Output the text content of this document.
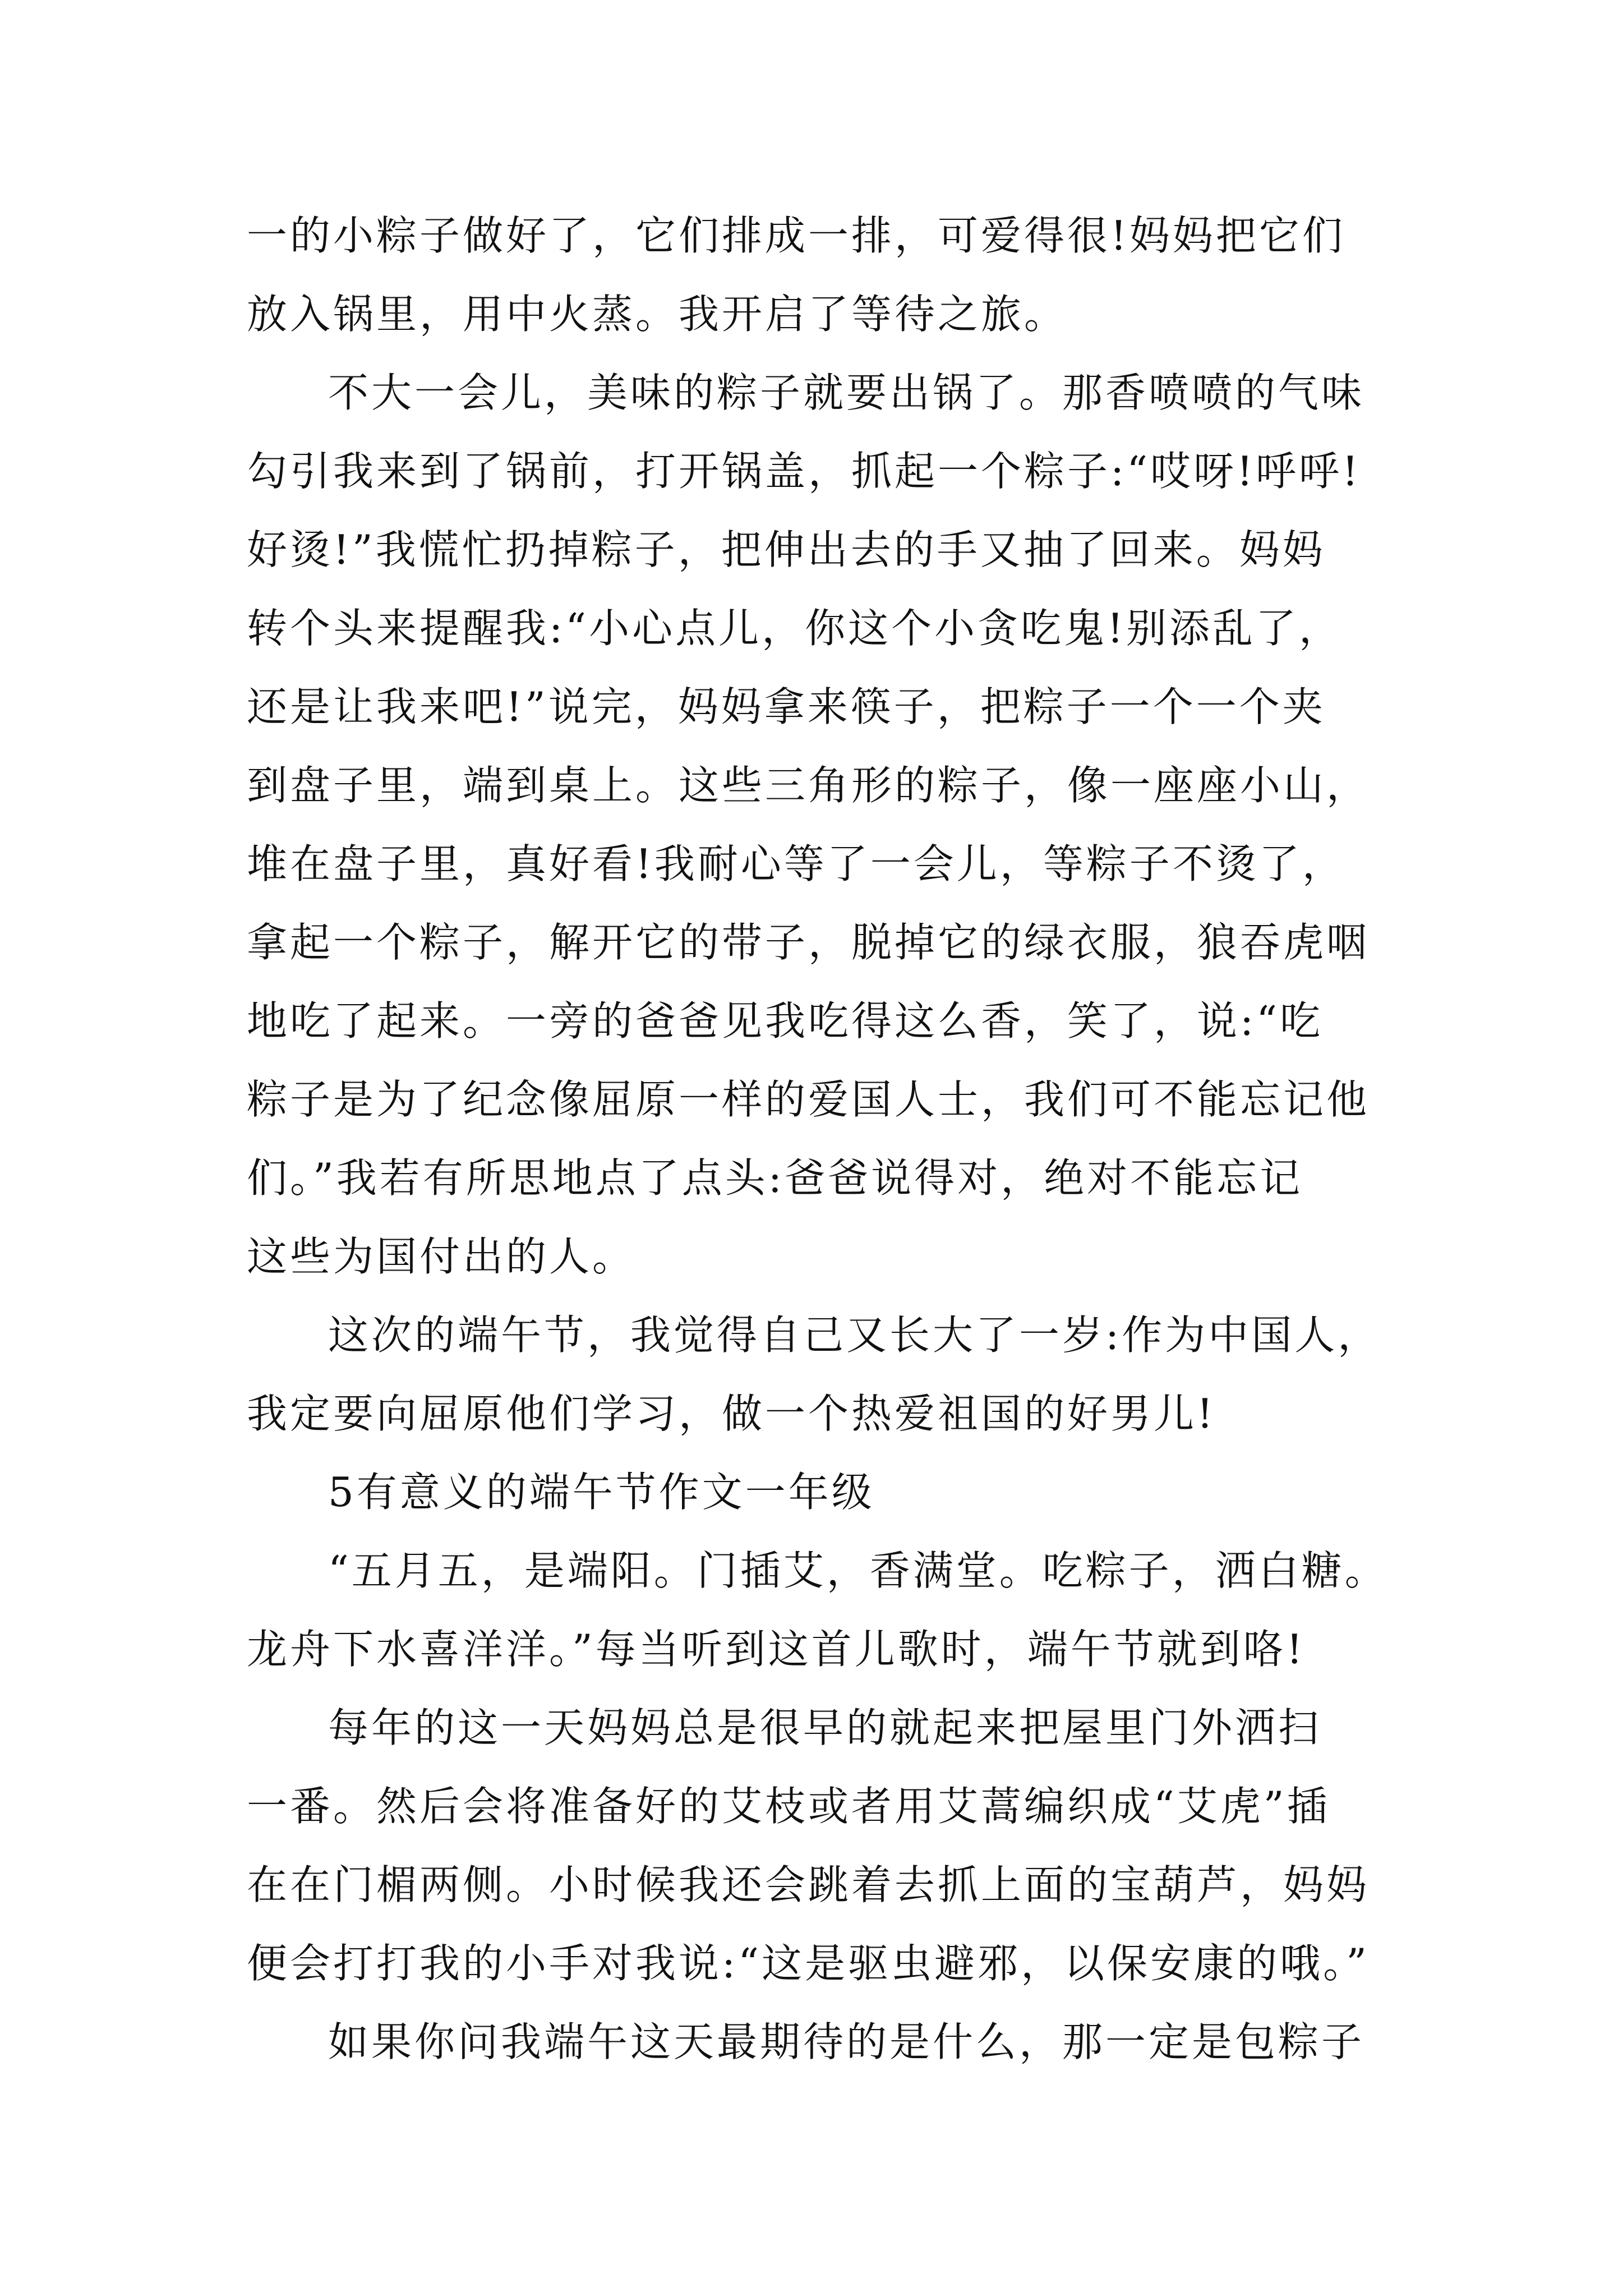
一的小粽子做好了，它们排成一排，可爱得很!妈妈把它们
放入锅里，用中火蒸。我开启了等待之旅。
不大一会儿，美味的粽子就要出锅了。那香喷喷的气味
勾引我来到了锅前，打开锅盖，抓起一个粽子:“哎呀!呼呼!
好烫!”我慌忙扔掉粽子，把伸出去的手又抽了回来。妈妈
转个头来提醒我:“小心点儿，你这个小贪吃鬼!别添乱了，
还是让我来吧!”说完，妈妈拿来筷子，把粽子一个一个夹
到盘子里，端到桌上。这些三角形的粽子，像一座座小山，
堆在盘子里，真好看!我耐心等了一会儿，等粽子不烫了，
拿起一个粽子，解开它的带子，脱掉它的绿衣服，狼吞虎咽
地吃了起来。一旁的爸爸见我吃得这么香，笑了，说:“吃
粽子是为了纪念像屈原一样的爱国人士，我们可不能忘记他
们。”我若有所思地点了点头:爸爸说得对，绝对不能忘记
这些为国付出的人。
这次的端午节，我觉得自己又长大了一岁:作为中国人，
我定要向屈原他们学习，做一个热爱祖国的好男儿!
5有意义的端午节作文一年级
“五月五，是端阳。门插艾，香满堂。吃粽子，洒白糖。
龙舟下水喜洋洋。”每当听到这首儿歌时，端午节就到咯!
每年的这一天妈妈总是很早的就起来把屋里门外洒扫
一番。然后会将准备好的艾枝或者用艾蒿编织成“艾虎”插
在在门楣两侧。小时候我还会跳着去抓上面的宝葫芦，妈妈
便会打打我的小手对我说:“这是驱虫避邪，以保安康的哦。”
如果你问我端午这天最期待的是什么，那一定是包粽子
